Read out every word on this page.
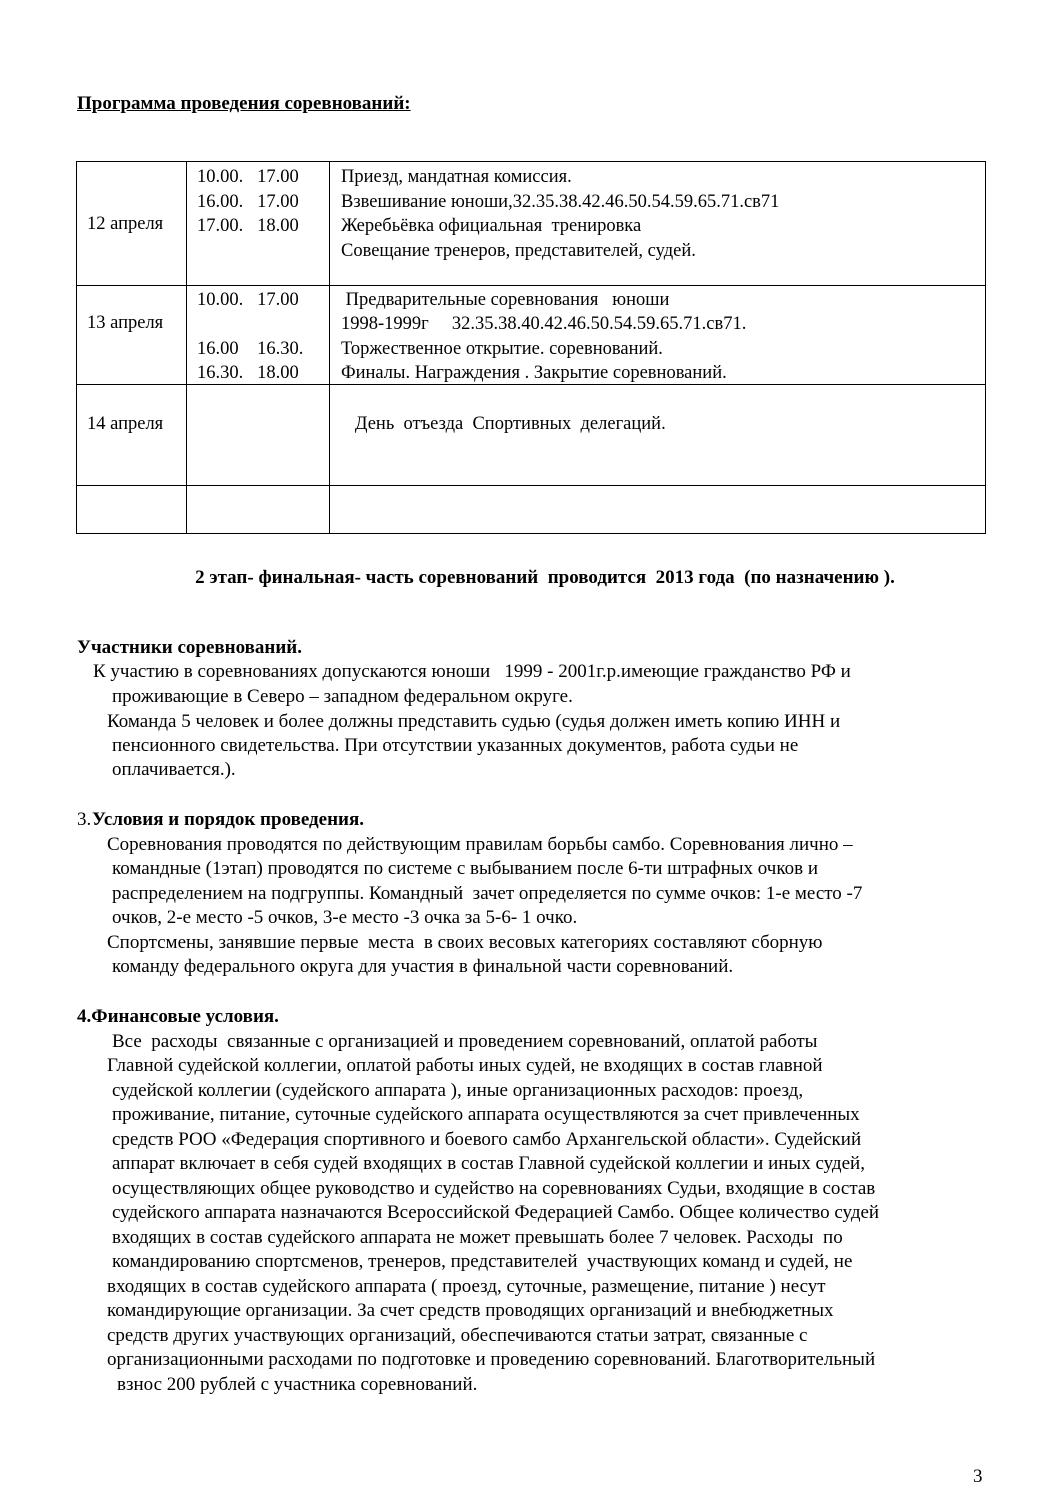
Программа проведения соревнований:
12 апреля	10.00.   17.00
16.00.   17.00
17.00.   18.00	Приезд, мандатная комиссия.
Взвешивание юноши,32.35.38.42.46.50.54.59.65.71.св71
Жеребьёвка официальная  тренировка
Совещание тренеров, представителей, судей.

13 апреля	10.00.   17.00
16.00    16.30.
16.30.   18.00	Предварительные соревнования   юноши
1998-1999г     32.35.38.40.42.46.50.54.59.65.71.св71.
Торжественное открытие. соревнований.
Финалы. Награждения . Закрытие соревнований.

14 апреля		День  отъезда  Спортивных  делегаций.

2 этап- финальная- часть соревнований  проводится  2013 года  (по назначению ).
Участники соревнований.
К участию в соревнованиях допускаются юноши   1999 - 2001г.р.имеющие гражданство РФ и
проживающие в Северо – западном федеральном округе.
Команда 5 человек и более должны представить судью (судья должен иметь копию ИНН и
пенсионного свидетельства. При отсутствии указанных документов, работа судьи не
оплачивается.).
3. Условия и порядок проведения.
Соревнования проводятся по действующим правилам борьбы самбо. Соревнования лично –
командные (1этап) проводятся по системе с выбыванием после 6-ти штрафных очков и
распределением на подгруппы. Командный  зачет определяется по сумме очков: 1-е место -7
очков, 2-е место -5 очков, 3-е место -3 очка за 5-6- 1 очко.
Спортсмены, занявшие первые  места  в своих весовых категориях составляют сборную
команду федерального округа для участия в финальной части соревнований.
4.Финансовые условия.
Все  расходы  связанные с организацией и проведением соревнований, оплатой работы
Главной судейской коллегии, оплатой работы иных судей, не входящих в состав главной
судейской коллегии (судейского аппарата ), иные организационных расходов: проезд,
проживание, питание, суточные судейского аппарата осуществляются за счет привлеченных
средств РОО «Федерация спортивного и боевого самбо Архангельской области». Судейский
аппарат включает в себя судей входящих в состав Главной судейской коллегии и иных судей,
осуществляющих общее руководство и судейство на соревнованиях Судьи, входящие в состав
судейского аппарата назначаются Всероссийской Федерацией Самбо. Общее количество судей
входящих в состав судейского аппарата не может превышать более 7 человек. Расходы  по
командированию спортсменов, тренеров, представителей  участвующих команд и судей, не
входящих в состав судейского аппарата ( проезд, суточные, размещение, питание ) несут
командирующие организации. За счет средств проводящих организаций и внебюджетных
средств других участвующих организаций, обеспечиваются статьи затрат, связанные с
организационными расходами по подготовке и проведению соревнований. Благотворительный
взнос 200 рублей с участника соревнований.
3
